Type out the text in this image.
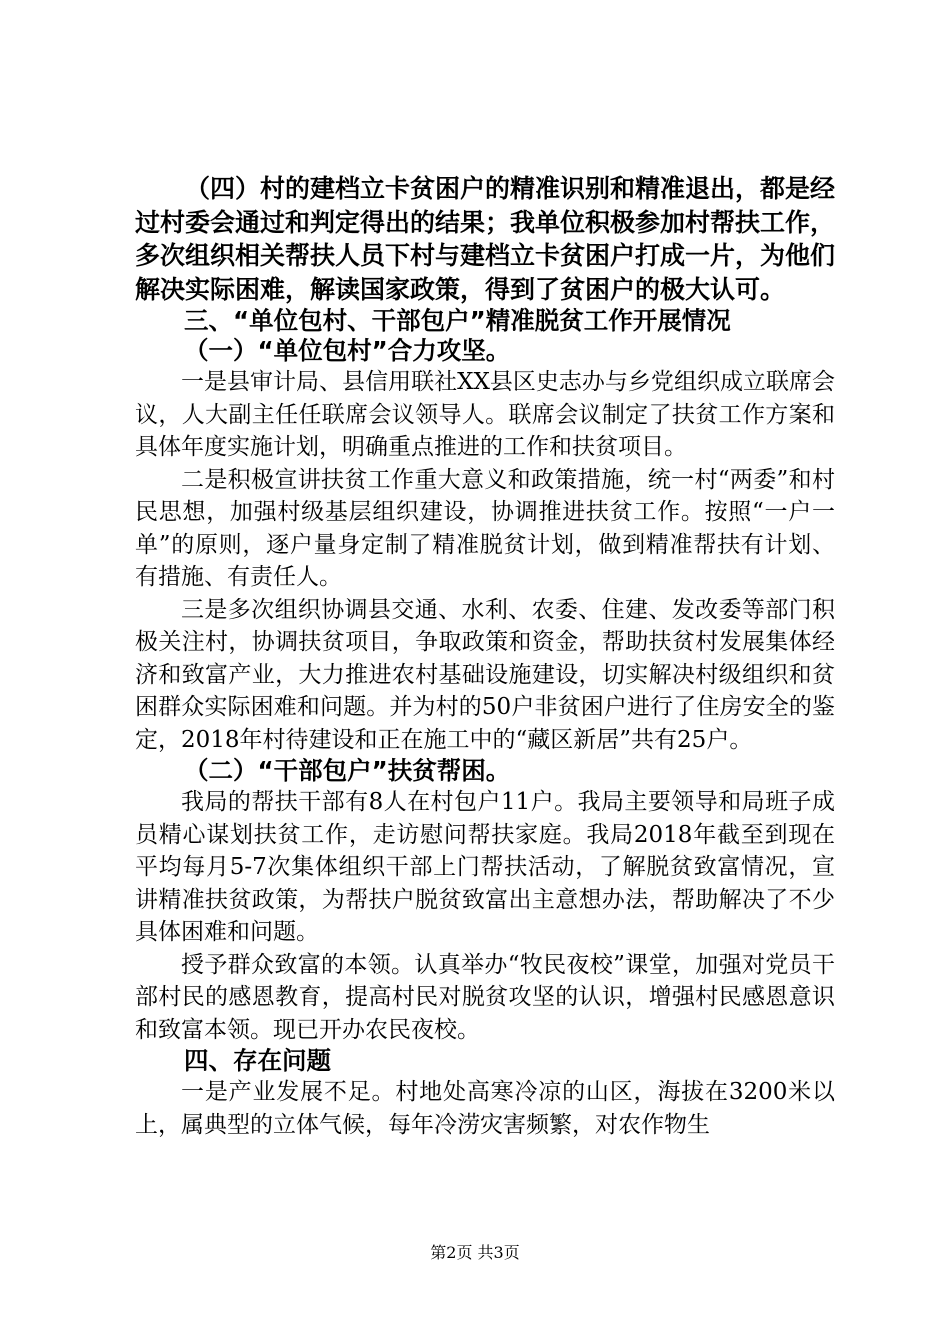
（四）村的建档立卡贫困户的精准识别和精准退出，都是经过村委会通过和判定得出的结果；我单位积极参加村帮扶工作，多次组织相关帮扶人员下村与建档立卡贫困户打成一片，为他们解决实际困难，解读国家政策，得到了贫困户的极大认可。

三、“单位包村、干部包户”精准脱贫工作开展情况

（一）“单位包村”合力攻坚。

一是县审计局、县信用联社XX县区史志办与乡党组织成立联席会议，人大副主任任联席会议领导人。联席会议制定了扶贫工作方案和具体年度实施计划，明确重点推进的工作和扶贫项目。

二是积极宣讲扶贫工作重大意义和政策措施，统一村“两委”和村民思想，加强村级基层组织建设，协调推进扶贫工作。按照“一户一单”的原则，逐户量身定制了精准脱贫计划，做到精准帮扶有计划、有措施、有责任人。

三是多次组织协调县交通、水利、农委、住建、发改委等部门积极关注村，协调扶贫项目，争取政策和资金，帮助扶贫村发展集体经济和致富产业，大力推进农村基础设施建设，切实解决村级组织和贫困群众实际困难和问题。并为村的50户非贫困户进行了住房安全的鉴定，2018年村待建设和正在施工中的“藏区新居”共有25户。

（二）“干部包户”扶贫帮困。

我局的帮扶干部有8人在村包户11户。我局主要领导和局班子成员精心谋划扶贫工作，走访慰问帮扶家庭。我局2018年截至到现在平均每月5-7次集体组织干部上门帮扶活动，了解脱贫致富情况，宣讲精准扶贫政策，为帮扶户脱贫致富出主意想办法，帮助解决了不少具体困难和问题。

授予群众致富的本领。认真举办“牧民夜校”课堂，加强对党员干部村民的感恩教育，提高村民对脱贫攻坚的认识，增强村民感恩意识和致富本领。现已开办农民夜校。

四、存在问题

一是产业发展不足。村地处高寒冷凉的山区，海拔在3200米以上，属典型的立体气候，每年冷涝灾害频繁，对农作物生

第2页 共3页
